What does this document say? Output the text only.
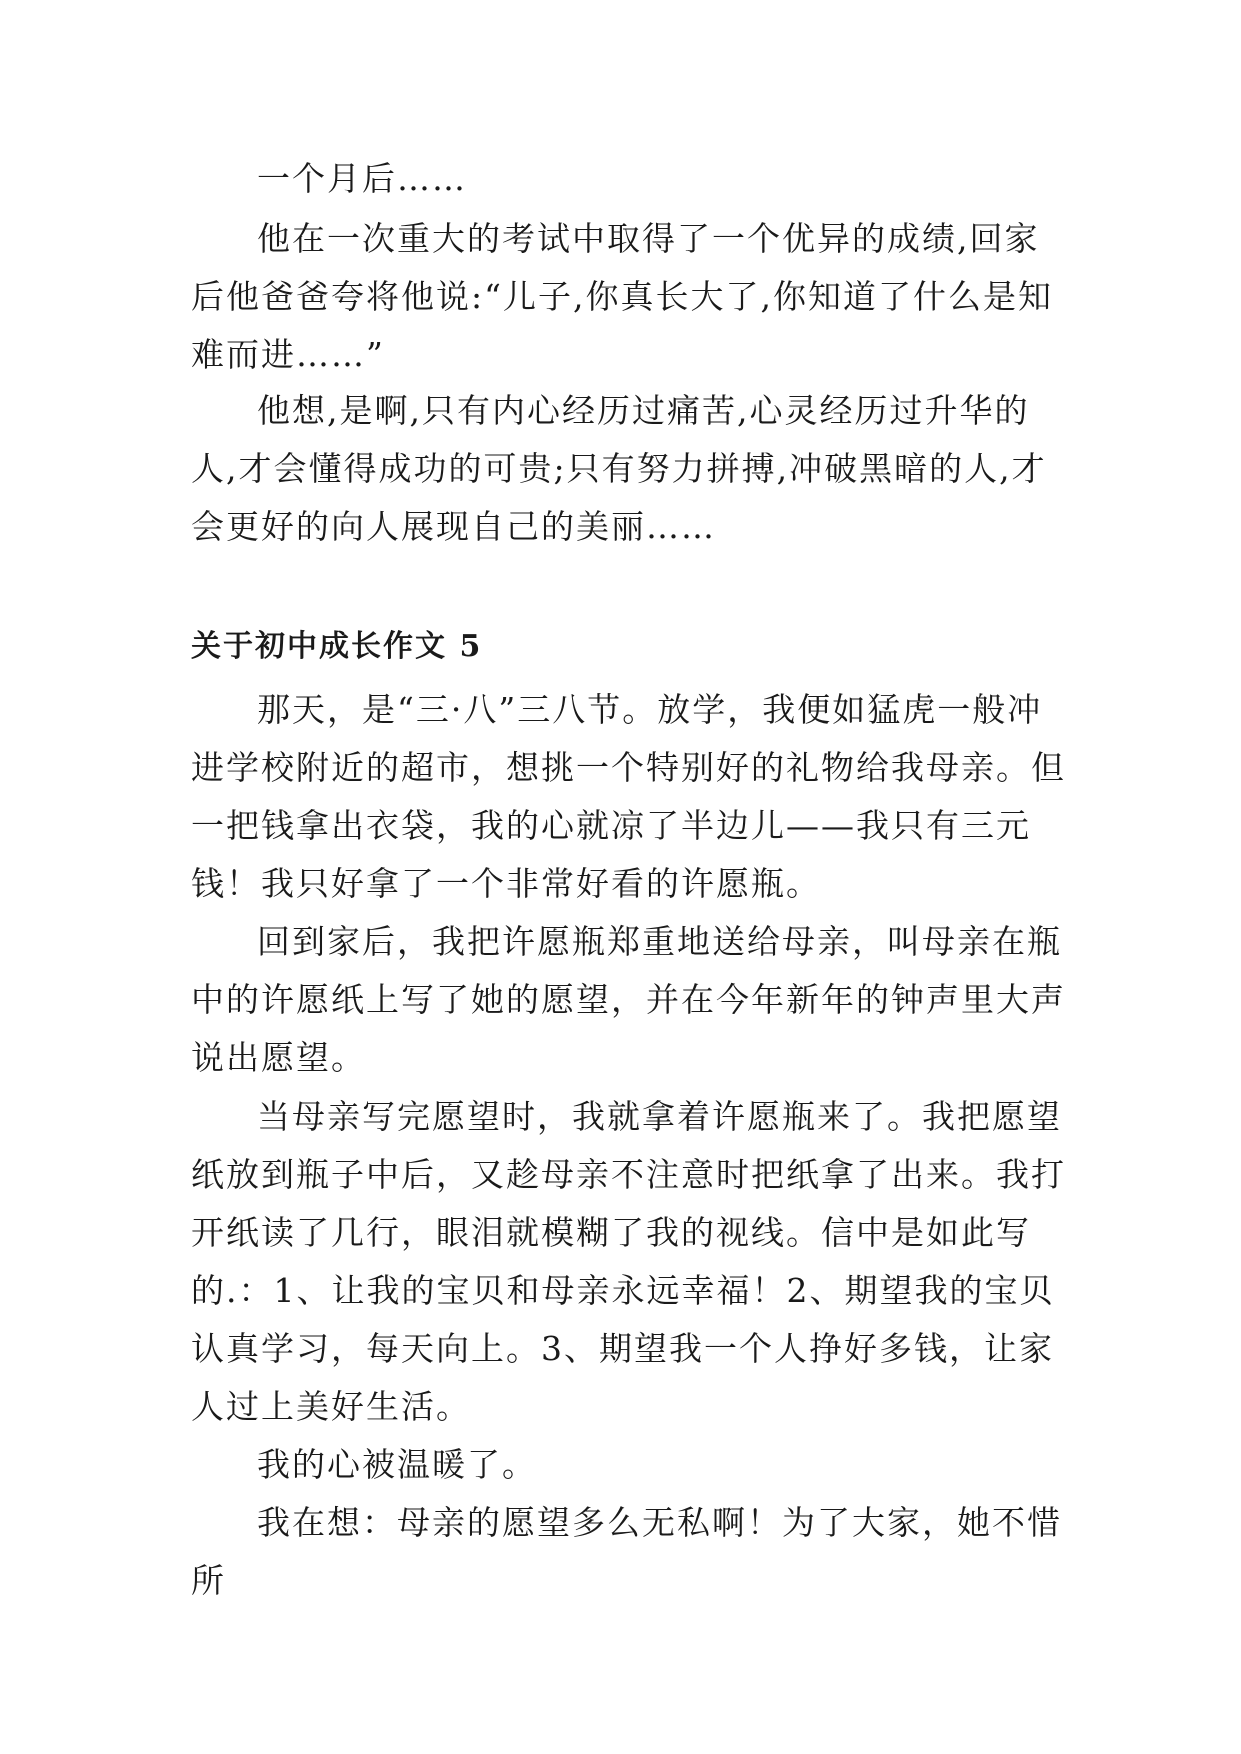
一个月后……

他在一次重大的考试中取得了一个优异的成绩,回家后他爸爸夸将他说:“儿子,你真长大了,你知道了什么是知难而进……”

他想,是啊,只有内心经历过痛苦,心灵经历过升华的人,才会懂得成功的可贵;只有努力拼搏,冲破黑暗的人,才会更好的向人展现自己的美丽……

关于初中成长作文 5

那天，是“三·八”三八节。放学，我便如猛虎一般冲进学校附近的超市，想挑一个特别好的礼物给我母亲。但一把钱拿出衣袋，我的心就凉了半边儿——我只有三元钱！我只好拿了一个非常好看的许愿瓶。

回到家后，我把许愿瓶郑重地送给母亲，叫母亲在瓶中的许愿纸上写了她的愿望，并在今年新年的钟声里大声说出愿望。

当母亲写完愿望时，我就拿着许愿瓶来了。我把愿望纸放到瓶子中后，又趁母亲不注意时把纸拿了出来。我打开纸读了几行，眼泪就模糊了我的视线。信中是如此写的.：1、让我的宝贝和母亲永远幸福！2、期望我的宝贝认真学习，每天向上。3、期望我一个人挣好多钱，让家人过上美好生活。

我的心被温暖了。

我在想：母亲的愿望多么无私啊！为了大家，她不惜所
